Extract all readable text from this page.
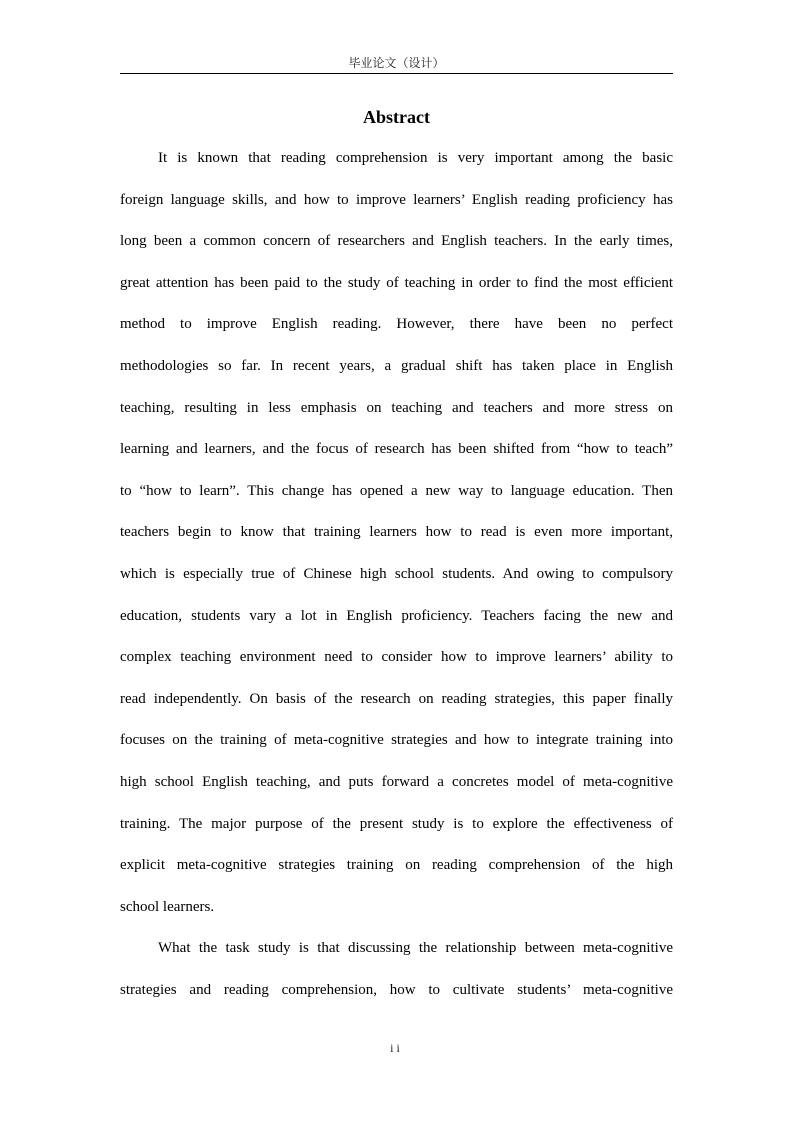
毕业论文（设计）
Abstract

It is known that reading comprehension is very important among the basic
foreign language skills, and how to improve learners’ English reading proficiency has
long been a common concern of researchers and English teachers. In the early times,
great attention has been paid to the study of teaching in order to find the most efficient
method to improve English reading. However, there have been no perfect
methodologies so far. In recent years, a gradual shift has taken place in English
teaching, resulting in less emphasis on teaching and teachers and more stress on
learning and learners, and the focus of research has been shifted from “how to teach”
to “how to learn”. This change has opened a new way to language education. Then
teachers begin to know that training learners how to read is even more important,
which is especially true of Chinese high school students. And owing to compulsory
education, students vary a lot in English proficiency. Teachers facing the new and
complex teaching environment need to consider how to improve learners’ ability to
read independently. On basis of the research on reading strategies, this paper finally
focuses on the training of meta-cognitive strategies and how to integrate training into
high school English teaching, and puts forward a concretes model of meta-cognitive
training. The major purpose of the present study is to explore the effectiveness of
explicit meta-cognitive strategies training on reading comprehension of the high
school learners.

What the task study is that discussing the relationship between meta-cognitive
strategies and reading comprehension, how to cultivate students’ meta-cognitive

ii
